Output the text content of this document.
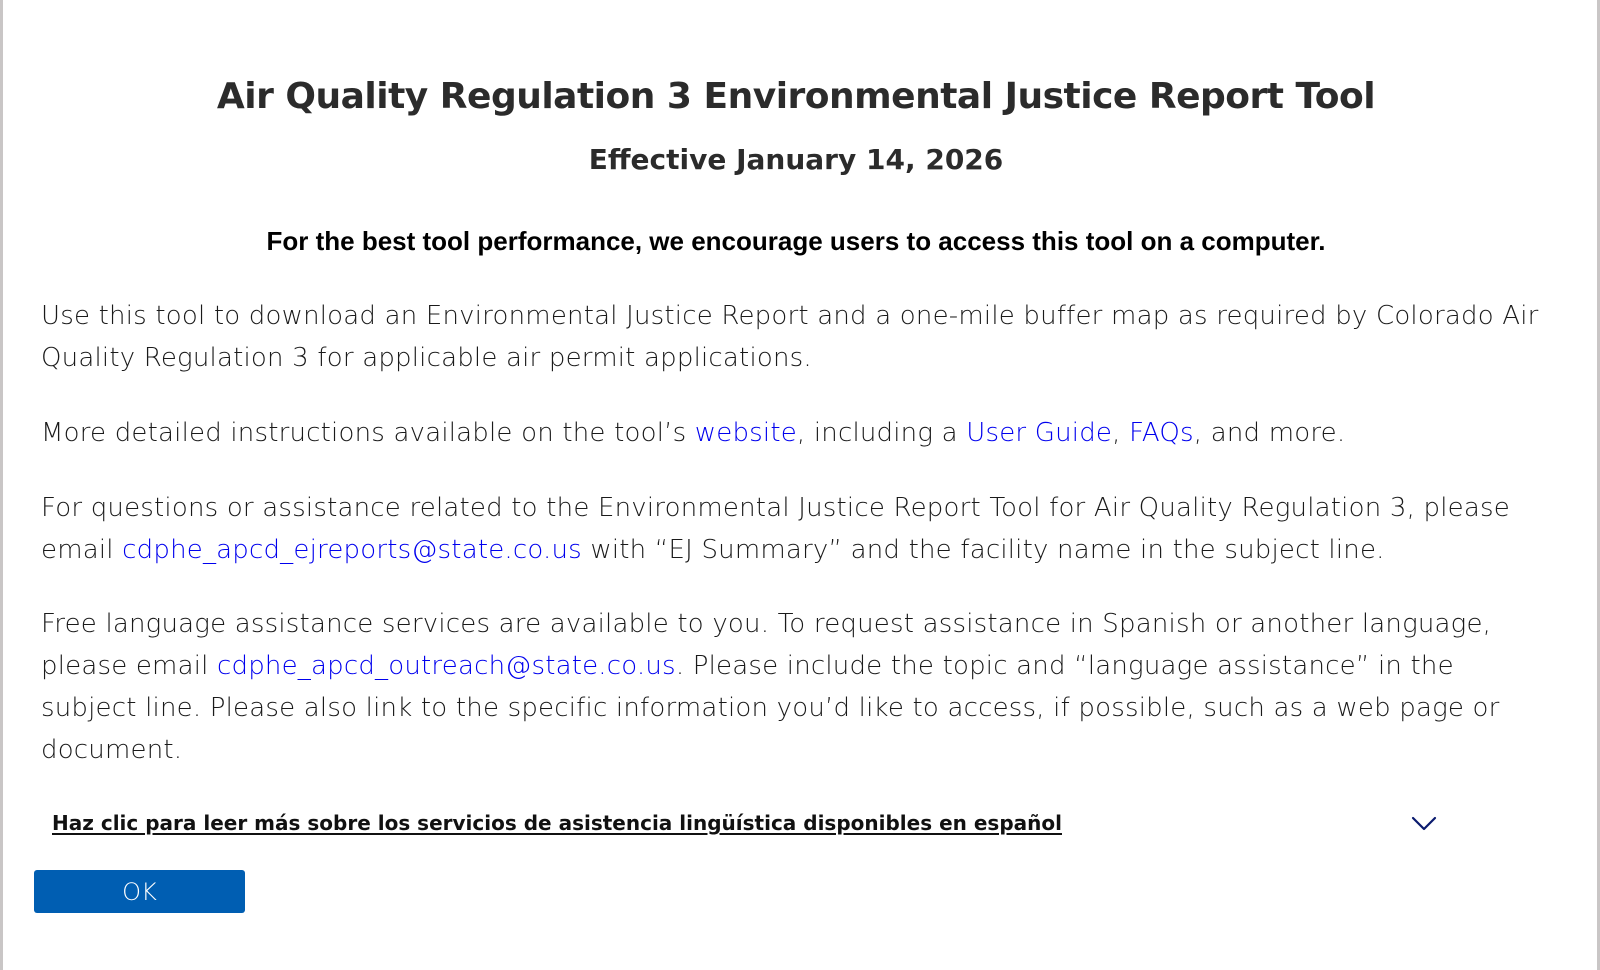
Air Quality Regulation 3 Environmental Justice Report Tool
Effective January 14, 2026

For the best tool performance, we encourage users to access this tool on a computer.

Use this tool to download an Environmental Justice Report and a one-mile buffer map as required by Colorado Air Quality Regulation 3 for applicable air permit applications.

More detailed instructions available on the tool’s website, including a User Guide, FAQs, and more.

For questions or assistance related to the Environmental Justice Report Tool for Air Quality Regulation 3, please email cdphe_apcd_ejreports@state.co.us with “EJ Summary” and the facility name in the subject line.

Free language assistance services are available to you. To request assistance in Spanish or another language, please email cdphe_apcd_outreach@state.co.us. Please include the topic and “language assistance” in the subject line. Please also link to the specific information you’d like to access, if possible, such as a web page or document.

Haz clic para leer más sobre los servicios de asistencia lingüística disponibles en español
OK
